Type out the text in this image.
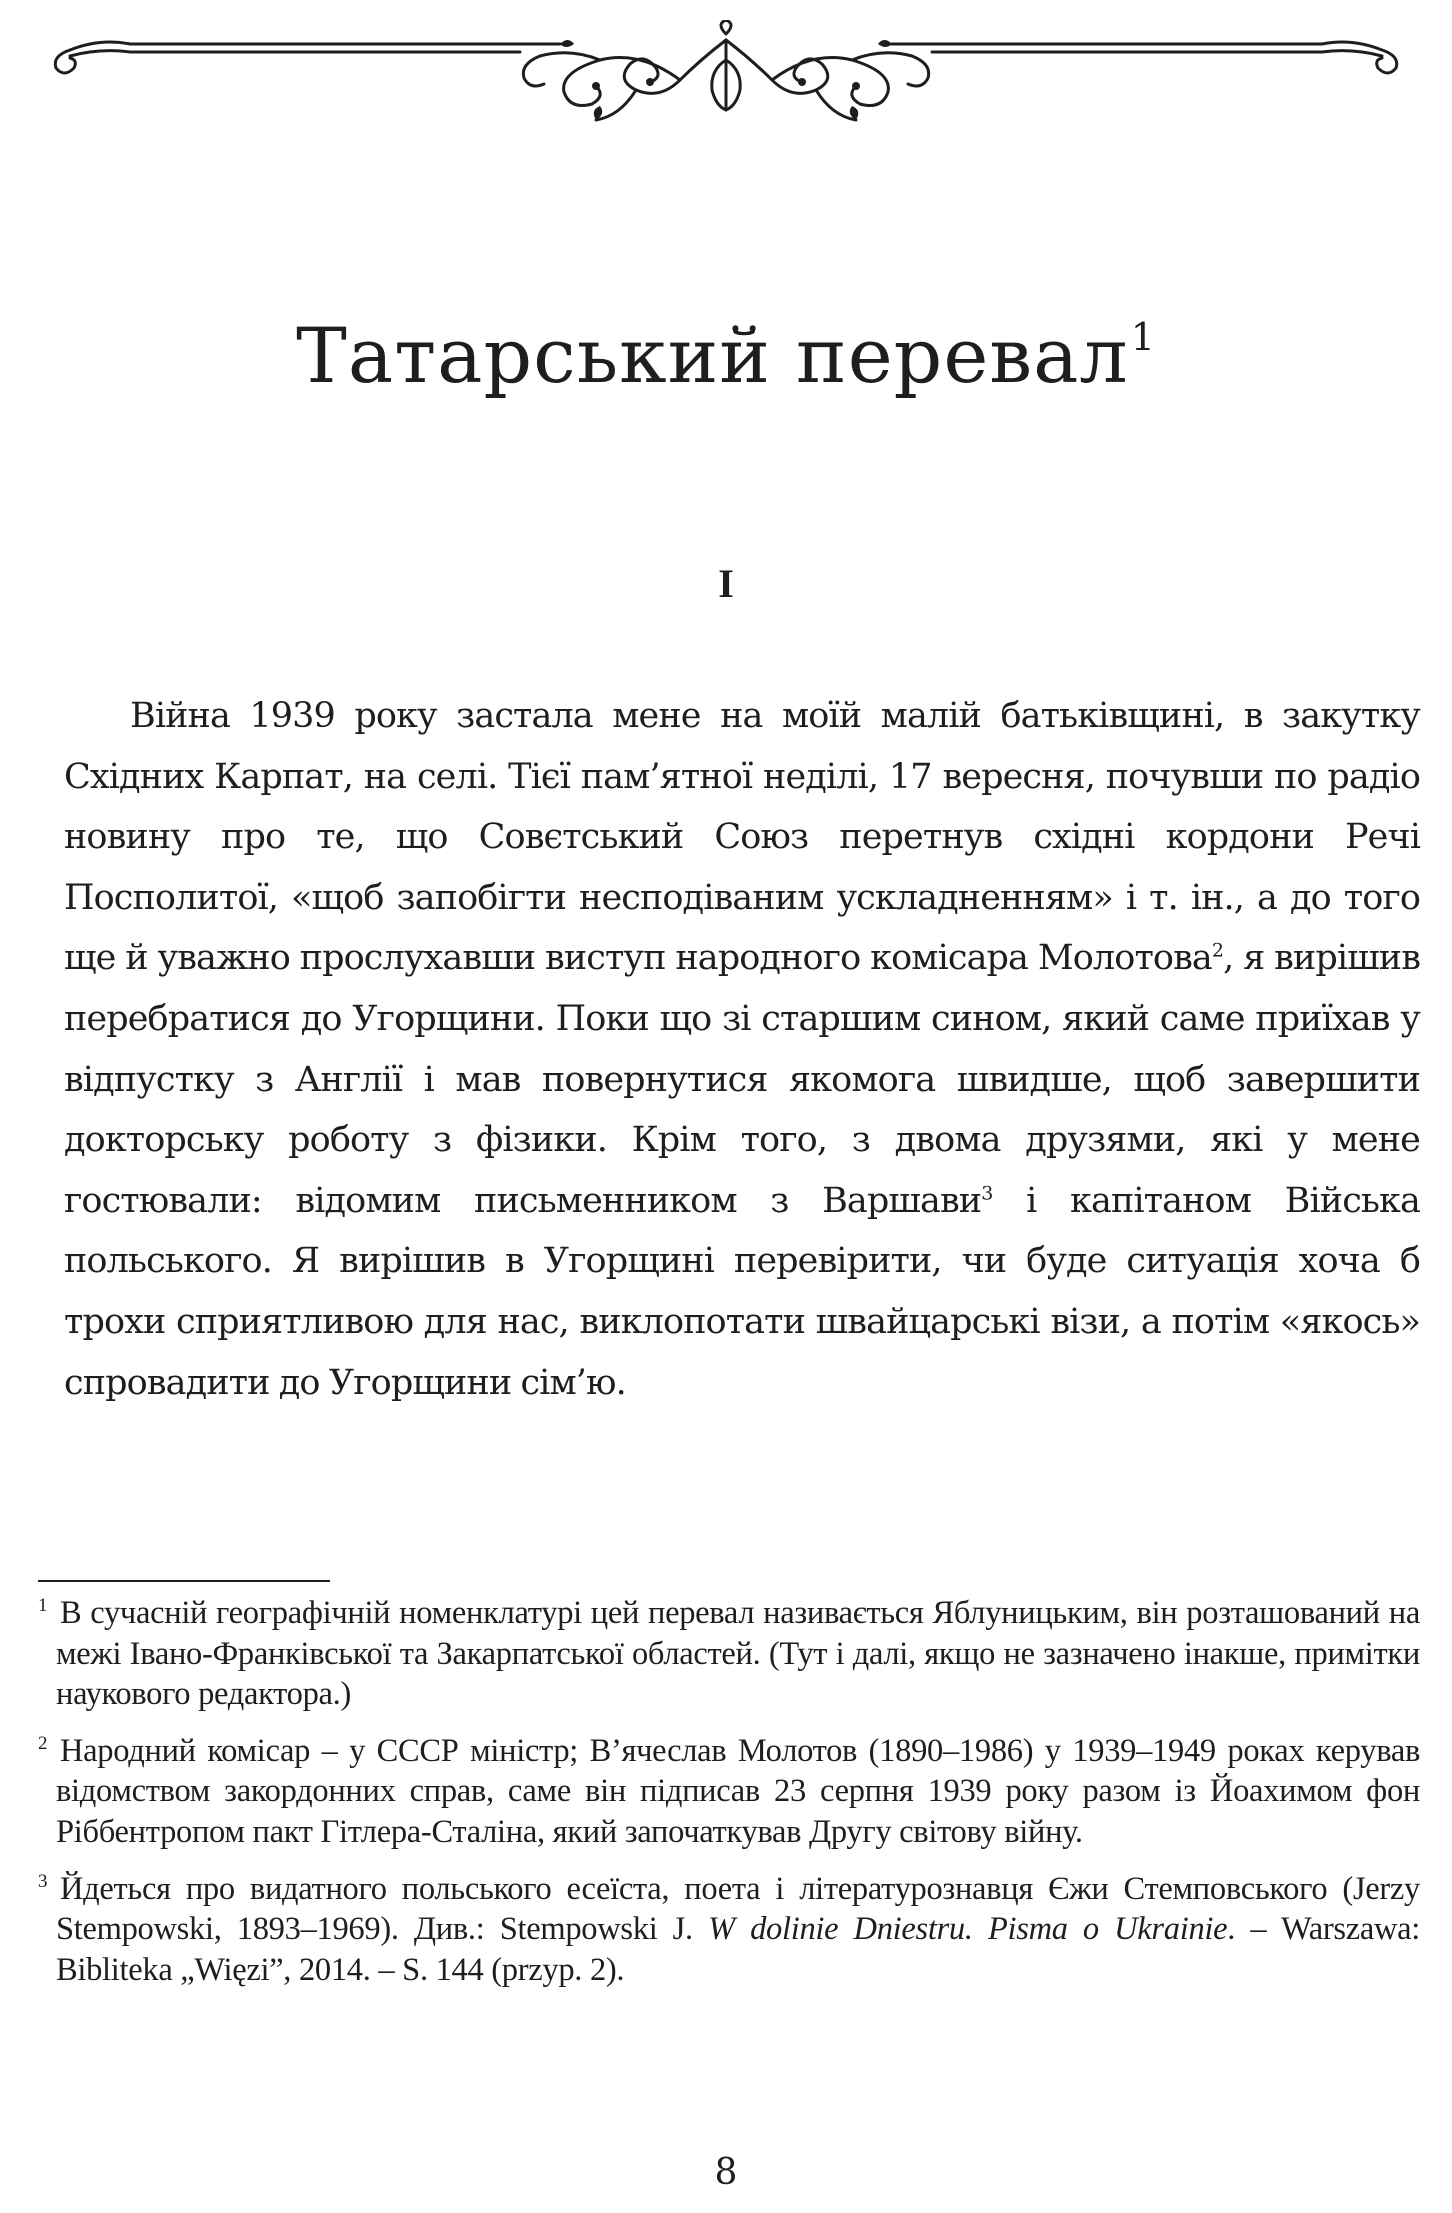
Татарський перевал$^1$
I

Війна 1939 року застала мене на моїй малій батьківщині, в закутку Східних Карпат, на селі. Тієї пам’ятної неділі, 17 вересня, почувши по радіо новину про те, що Совєтський Союз перетнув східні кордони Речі Посполитої, «щоб запобігти несподіваним ускладненням» і т. ін., а до того ще й уважно прослухавши виступ народного комісара Молотова$^2$, я вирішив перебратися до Угорщини. Поки що зі старшим сином, який саме приїхав у відпустку з Англії і мав повернутися якомога швидше, щоб завершити докторську роботу з фізики. Крім того, з двома друзями, які у мене гостювали: відомим письменником з Варшави$^3$ і капітаном Війська польського. Я вирішив в Угорщині перевірити, чи буде ситуація хоча б трохи сприятливою для нас, виклопотати швайцарські візи, а потім «якось» спровадити до Угорщини сім’ю.

1 В сучасній географічній номенклатурі цей перевал називається Яблуницьким, він розташований на межі Івано-Франківської та Закарпатської областей. (Тут і далі, якщо не зазначено інакше, примітки наукового редактора.)

2 Народний комісар – у СССР міністр; В’ячеслав Молотов (1890–1986) у 1939–1949 роках керував відомством закордонних справ, саме він підписав 23 серпня 1939 року разом із Йоахимом фон Ріббентропом пакт Гітлера-Сталіна, який започаткував Другу світову війну.

3 Йдеться про видатного польського есеїста, поета і літературознавця Єжи Стемповського (Jerzy Stempowski, 1893–1969). Див.: Stempowski J. W dolinie Dniestru. Pisma o Ukrainie. – Warszawa: Bibliteka „Więzi”, 2014. – S. 144 (przyp. 2).

8
